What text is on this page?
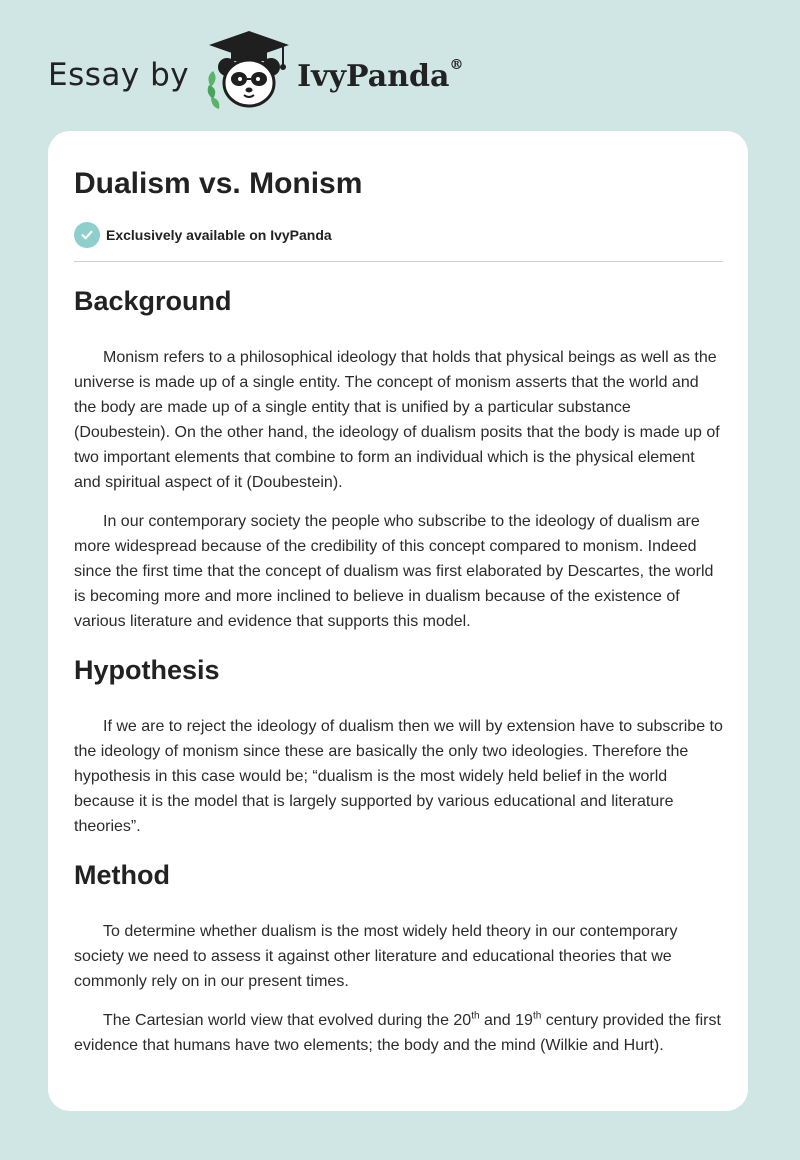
Essay by	IvyPanda®
Dualism vs. Monism
Exclusively available on IvyPanda
Background

Monism refers to a philosophical ideology that holds that physical beings as well as the universe is made up of a single entity. The concept of monism asserts that the world and the body are made up of a single entity that is unified by a particular substance (Doubestein). On the other hand, the ideology of dualism posits that the body is made up of two important elements that combine to form an individual which is the physical element and spiritual aspect of it (Doubestein).

In our contemporary society the people who subscribe to the ideology of dualism are more widespread because of the credibility of this concept compared to monism. Indeed since the first time that the concept of dualism was first elaborated by Descartes, the world is becoming more and more inclined to believe in dualism because of the existence of various literature and evidence that supports this model.

Hypothesis

If we are to reject the ideology of dualism then we will by extension have to subscribe to the ideology of monism since these are basically the only two ideologies. Therefore the hypothesis in this case would be; “dualism is the most widely held belief in the world because it is the model that is largely supported by various educational and literature theories”.

Method

To determine whether dualism is the most widely held theory in our contemporary society we need to assess it against other literature and educational theories that we commonly rely on in our present times.

The Cartesian world view that evolved during the 20th and 19th century provided the first evidence that humans have two elements; the body and the mind (Wilkie and Hurt).
